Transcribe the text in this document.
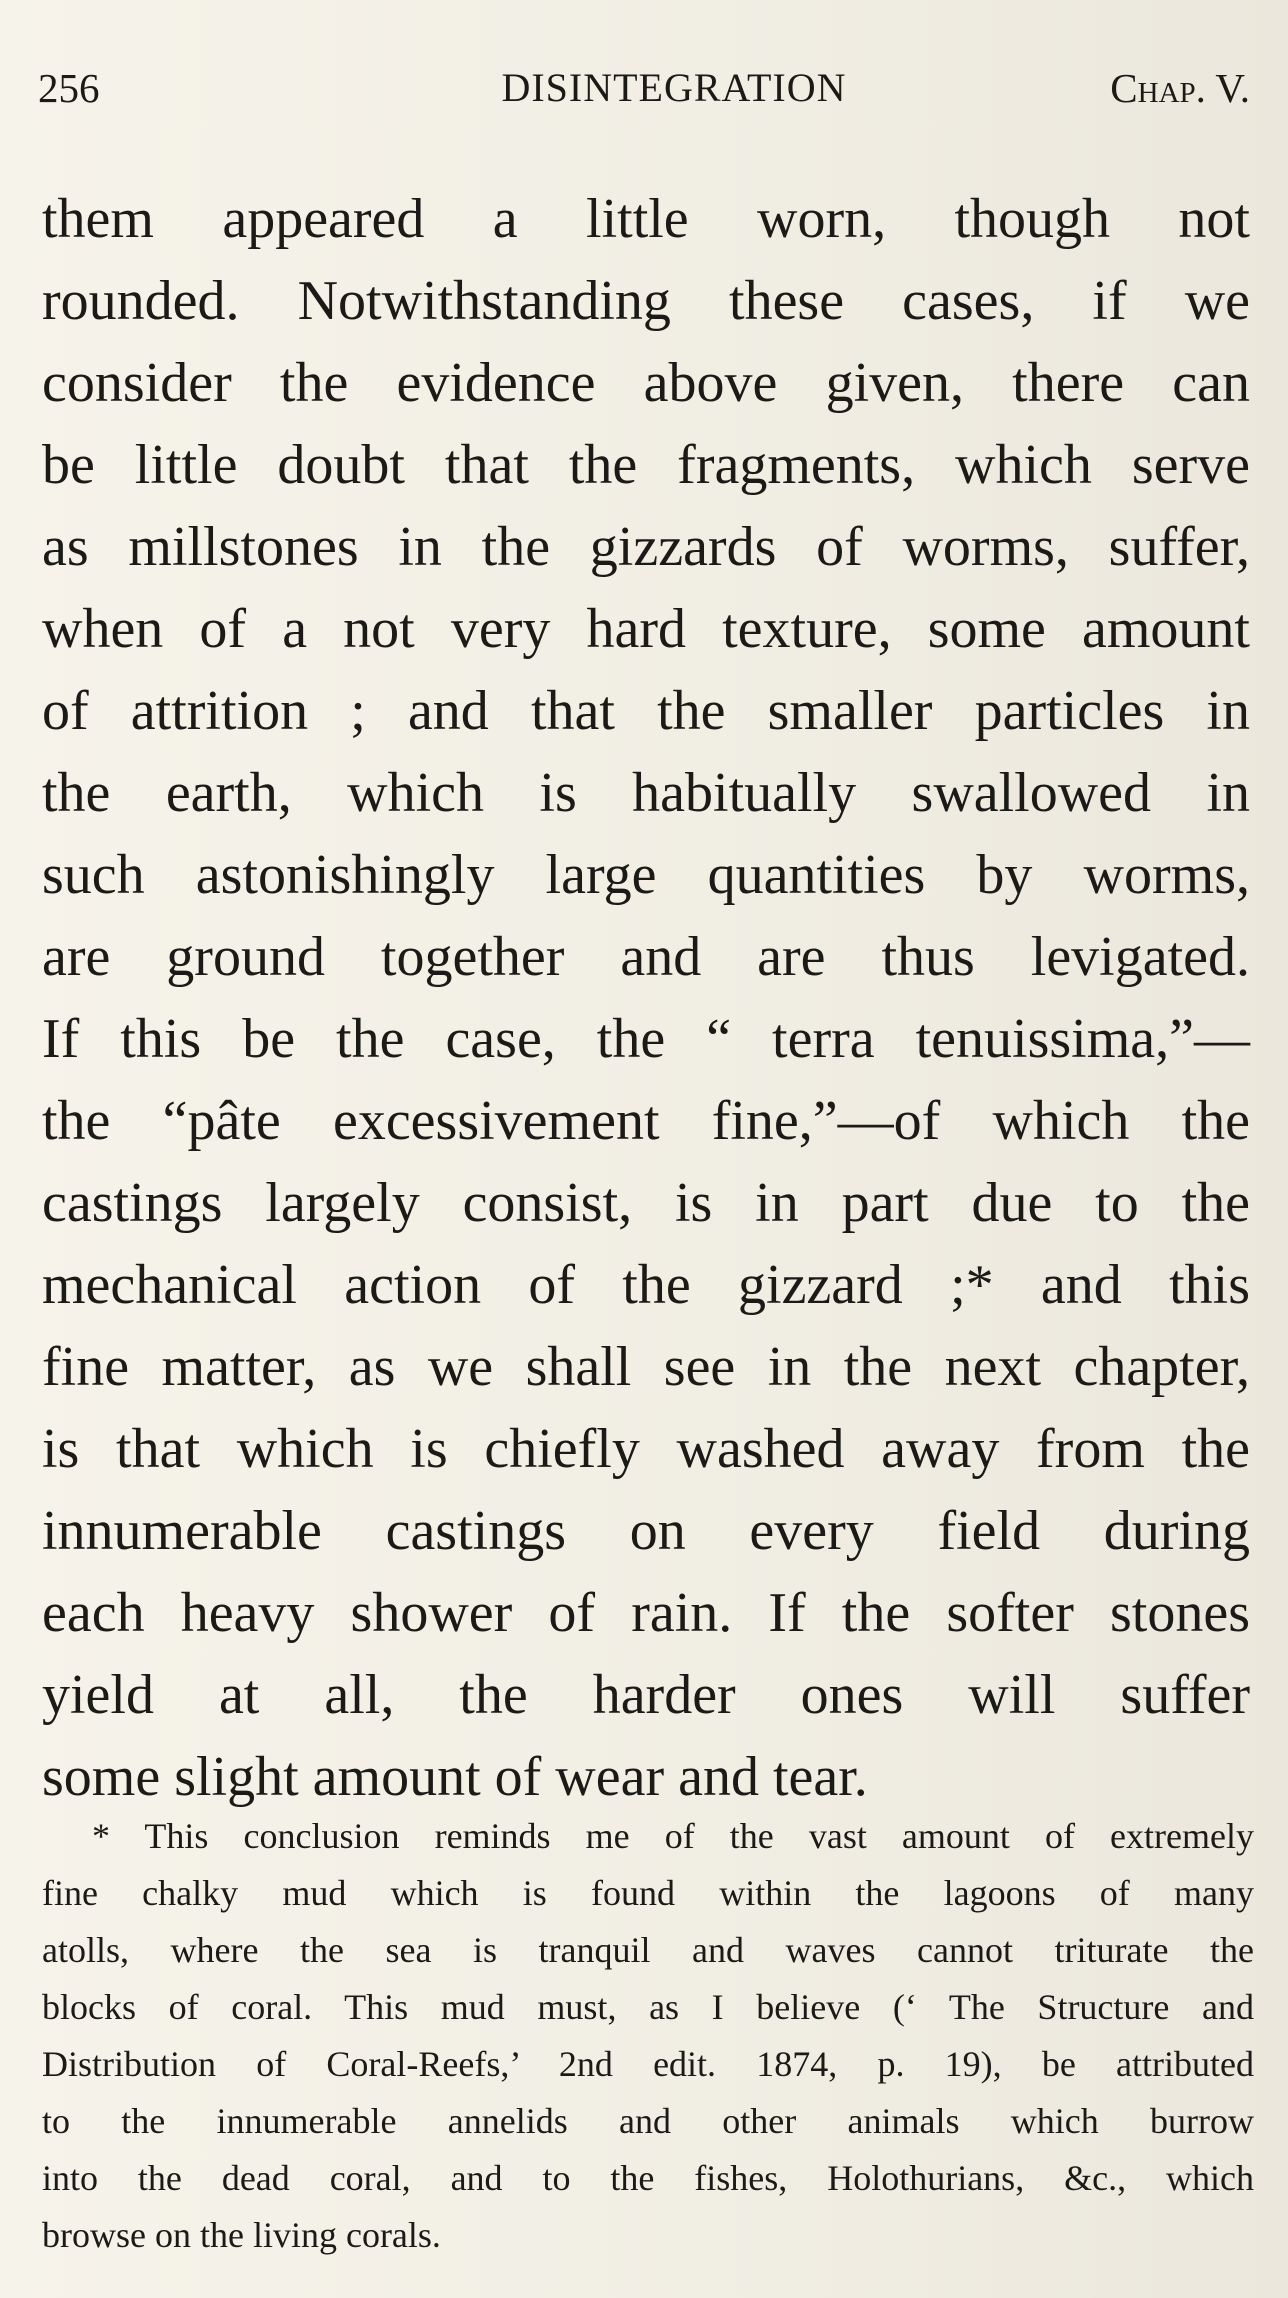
256	DISINTEGRATION	Chap. V.
them appeared a little worn, though not
rounded. Notwithstanding these cases, if we
consider the evidence above given, there can
be little doubt that the fragments, which serve
as millstones in the gizzards of worms, suffer,
when of a not very hard texture, some amount
of attrition ; and that the smaller particles in
the earth, which is habitually swallowed in
such astonishingly large quantities by worms,
are ground together and are thus levigated.
If this be the case, the “ terra tenuissima,”—
the “pâte excessivement fine,”—of which the
castings largely consist, is in part due to the
mechanical action of the gizzard ;* and this
fine matter, as we shall see in the next chapter,
is that which is chiefly washed away from the
innumerable castings on every field during
each heavy shower of rain. If the softer stones
yield at all, the harder ones will suffer
some slight amount of wear and tear.
* This conclusion reminds me of the vast amount of extremely
fine chalky mud which is found within the lagoons of many
atolls, where the sea is tranquil and waves cannot triturate the
blocks of coral. This mud must, as I believe (‘ The Structure and
Distribution of Coral-Reefs,’ 2nd edit. 1874, p. 19), be attributed
to the innumerable annelids and other animals which burrow
into the dead coral, and to the fishes, Holothurians, &c., which
browse on the living corals.
